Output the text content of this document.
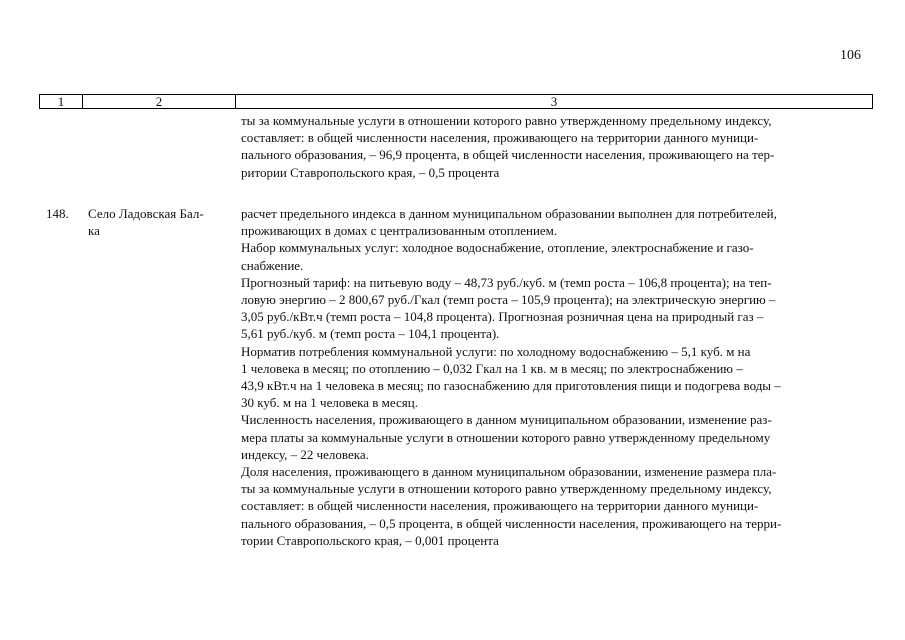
106
1	2	3

ты за коммунальные услуги в отношении которого равно утвержденному предельному индексу,

составляет: в общей численности населения, проживающего на территории данного муници-

пального образования, – 96,9 процента, в общей численности населения, проживающего на тер-

ритории Ставропольского края, – 0,5 процента

148. Село Ладовская Бал-
ка

расчет предельного индекса в данном муниципальном образовании выполнен для потребителей,

проживающих в домах с централизованным отоплением.

Набор коммунальных услуг: холодное водоснабжение, отопление, электроснабжение и газо-

снабжение.

Прогнозный тариф: на питьевую воду – 48,73 руб./куб. м (темп роста – 106,8 процента); на теп-

ловую энергию – 2 800,67 руб./Гкал (темп роста – 105,9 процента); на электрическую энергию –

3,05 руб./кВт.ч (темп роста – 104,8 процента). Прогнозная розничная цена на природный газ –

5,61 руб./куб. м (темп роста – 104,1 процента).

Норматив потребления коммунальной услуги: по холодному водоснабжению – 5,1 куб. м на

1 человека в месяц; по отоплению – 0,032 Гкал на 1 кв. м в месяц; по электроснабжению –

43,9 кВт.ч на 1 человека в месяц; по газоснабжению для приготовления пищи и подогрева воды –

30 куб. м на 1 человека в месяц.

Численность населения, проживающего в данном муниципальном образовании, изменение раз-

мера платы за коммунальные услуги в отношении которого равно утвержденному предельному

индексу, – 22 человека.

Доля населения, проживающего в данном муниципальном образовании, изменение размера пла-

ты за коммунальные услуги в отношении которого равно утвержденному предельному индексу,

составляет: в общей численности населения, проживающего на территории данного муници-

пального образования, – 0,5 процента, в общей численности населения, проживающего на терри-

тории Ставропольского края, – 0,001 процента
